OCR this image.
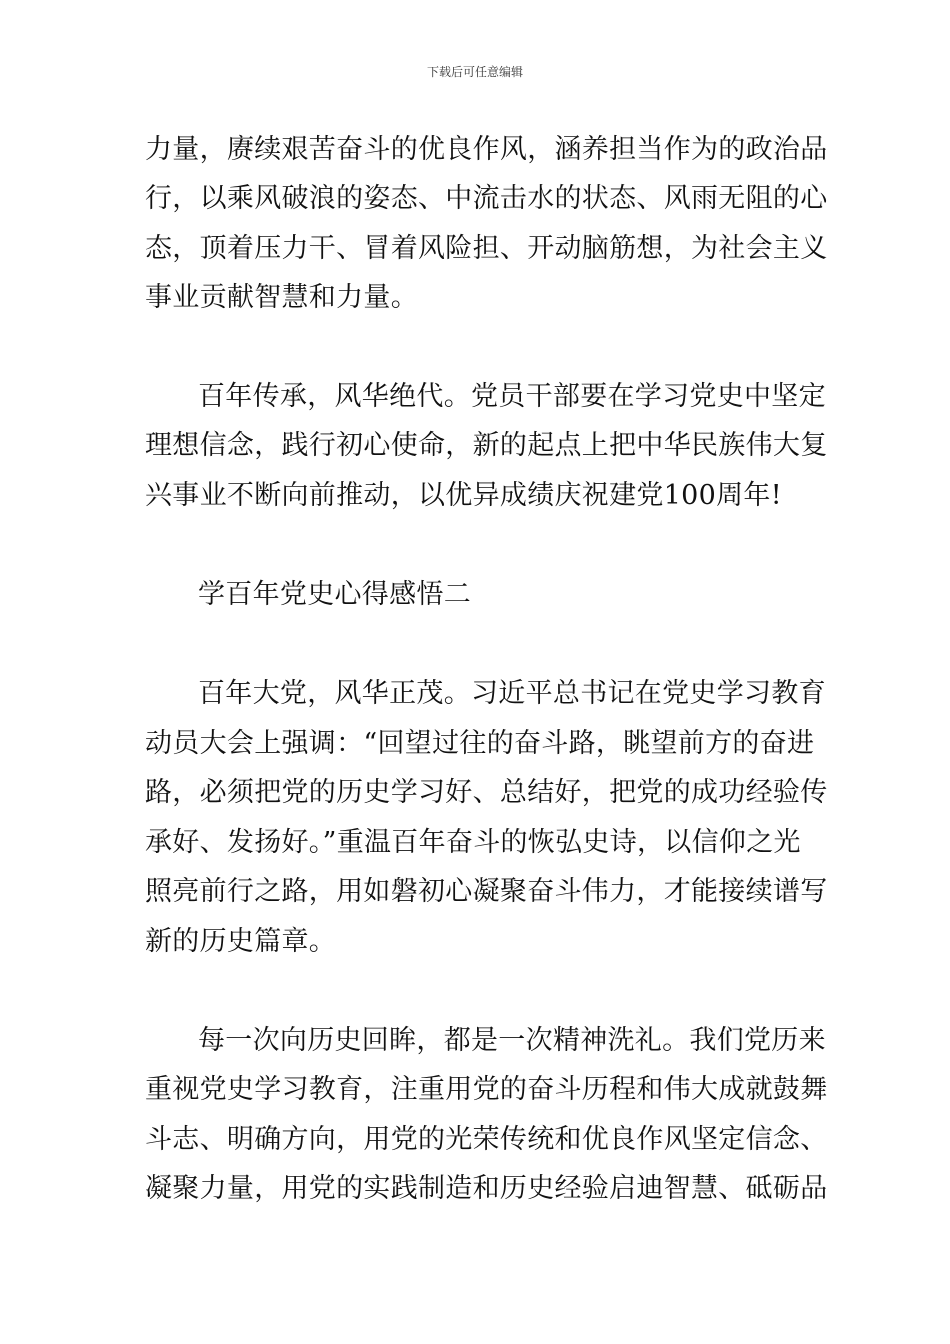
下载后可任意编辑
力量，赓续艰苦奋斗的优良作风，涵养担当作为的政治品
行，以乘风破浪的姿态、中流击水的状态、风雨无阻的心
态，顶着压力干、冒着风险担、开动脑筋想，为社会主义
事业贡献智慧和力量。
百年传承，风华绝代。党员干部要在学习党史中坚定
理想信念，践行初心使命，新的起点上把中华民族伟大复
兴事业不断向前推动，以优异成绩庆祝建党100周年!
学百年党史心得感悟二
百年大党，风华正茂。习近平总书记在党史学习教育
动员大会上强调：“回望过往的奋斗路，眺望前方的奋进
路，必须把党的历史学习好、总结好，把党的成功经验传
承好、发扬好。”重温百年奋斗的恢弘史诗，以信仰之光
照亮前行之路，用如磐初心凝聚奋斗伟力，才能接续谱写
新的历史篇章。
每一次向历史回眸，都是一次精神洗礼。我们党历来
重视党史学习教育，注重用党的奋斗历程和伟大成就鼓舞
斗志、明确方向，用党的光荣传统和优良作风坚定信念、
凝聚力量，用党的实践制造和历史经验启迪智慧、砥砺品
